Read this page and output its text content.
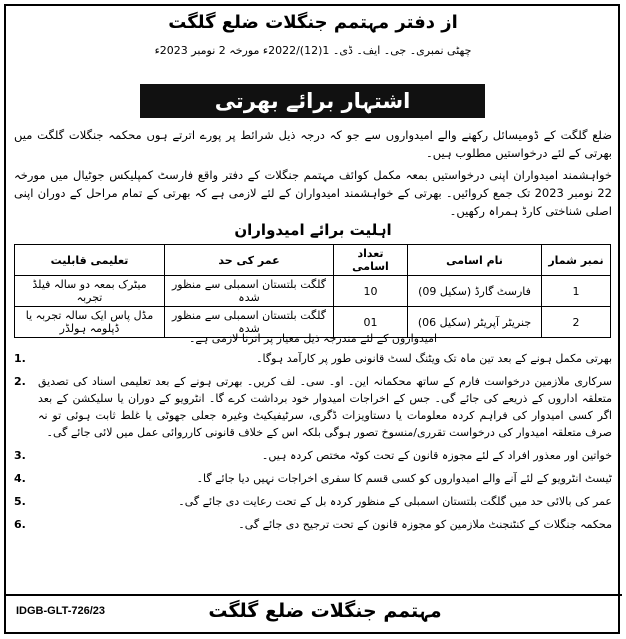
از دفتر مہتمم جنگلات ضلع گلگت
چھٹی نمبری۔ جی۔ ایف۔ ڈی۔ 1(12)/2022ء مورخہ 2 نومبر 2023ء
اشتہار برائے بھرتی
ضلع گلگت کے ڈومیسائل رکھنے والے امیدواروں سے جو کہ درجہ ذیل شرائط پر پورے اترتے ہوں محکمہ جنگلات گلگت میں بھرتی کے لئے درخواستیں مطلوب ہیں۔
خواہشمند امیدواران اپنی درخواستیں بمعہ مکمل کوائف مہتمم جنگلات کے دفتر واقع فارسٹ کمپلیکس جوٹیال میں مورخہ 22 نومبر 2023 تک جمع کروائیں۔ بھرتی کے خواہشمند امیدواران کے لئے لازمی ہے کہ بھرتی کے تمام مراحل کے دوران اپنی اصلی شناختی کارڈ ہمراہ رکھیں۔
اہلیت برائے امیدواران
نمبر شمار	نام اسامی	تعداد اسامی	عمر کی حد	تعلیمی قابلیت
1	فارسٹ گارڈ (سکیل 09)	10	گلگت بلتستان اسمبلی سے منظور شدہ	میٹرک بمعہ دو سالہ فیلڈ تجربہ
2	جنریٹر آپریٹر (سکیل 06)	01	گلگت بلتستان اسمبلی سے منظور شدہ	مڈل پاس ایک سالہ تجربہ یا ڈپلومہ ہولڈر
امیدواروں کے لئے مندرجہ ذیل معیار پر اترنا لازمی ہے۔
بھرتی مکمل ہونے کے بعد تین ماہ تک ویٹنگ لسٹ قانونی طور پر کارآمد ہوگا۔
1.
سرکاری ملازمین درخواست فارم کے ساتھ محکمانہ این۔ او۔ سی۔ لف کریں۔ بھرتی ہونے کے بعد تعلیمی اسناد کی تصدیق متعلقہ اداروں کے ذریعے کی جائے گی۔ جس کے اخراجات امیدوار خود برداشت کرے گا۔ انٹرویو کے دوران یا سلیکشن کے بعد اگر کسی امیدوار کی فراہم کردہ معلومات یا دستاویزات ڈگری، سرٹیفیکیٹ وغیرہ جعلی جھوٹی یا غلط ثابت ہوئی تو نہ صرف متعلقہ امیدوار کی درخواست تقرری/منسوخ تصور ہوگی بلکہ اس کے خلاف قانونی کارروائی عمل میں لائی جائے گی۔
2.
خواتین اور معذور افراد کے لئے مجوزہ قانون کے تحت کوٹہ مختص کردہ ہیں۔
3.
ٹیسٹ انٹرویو کے لئے آنے والے امیدواروں کو کسی قسم کا سفری اخراجات نہیں دیا جائے گا۔
4.
عمر کی بالائی حد میں گلگت بلتستان اسمبلی کے منظور کردہ بل کے تحت رعایت دی جائے گی۔
5.
محکمہ جنگلات کے کنٹنجنٹ ملازمین کو مجوزہ قانون کے تحت ترجیح دی جائے گی۔
6.
IDGB-GLT-726/23	مہتمم جنگلات ضلع گلگت
